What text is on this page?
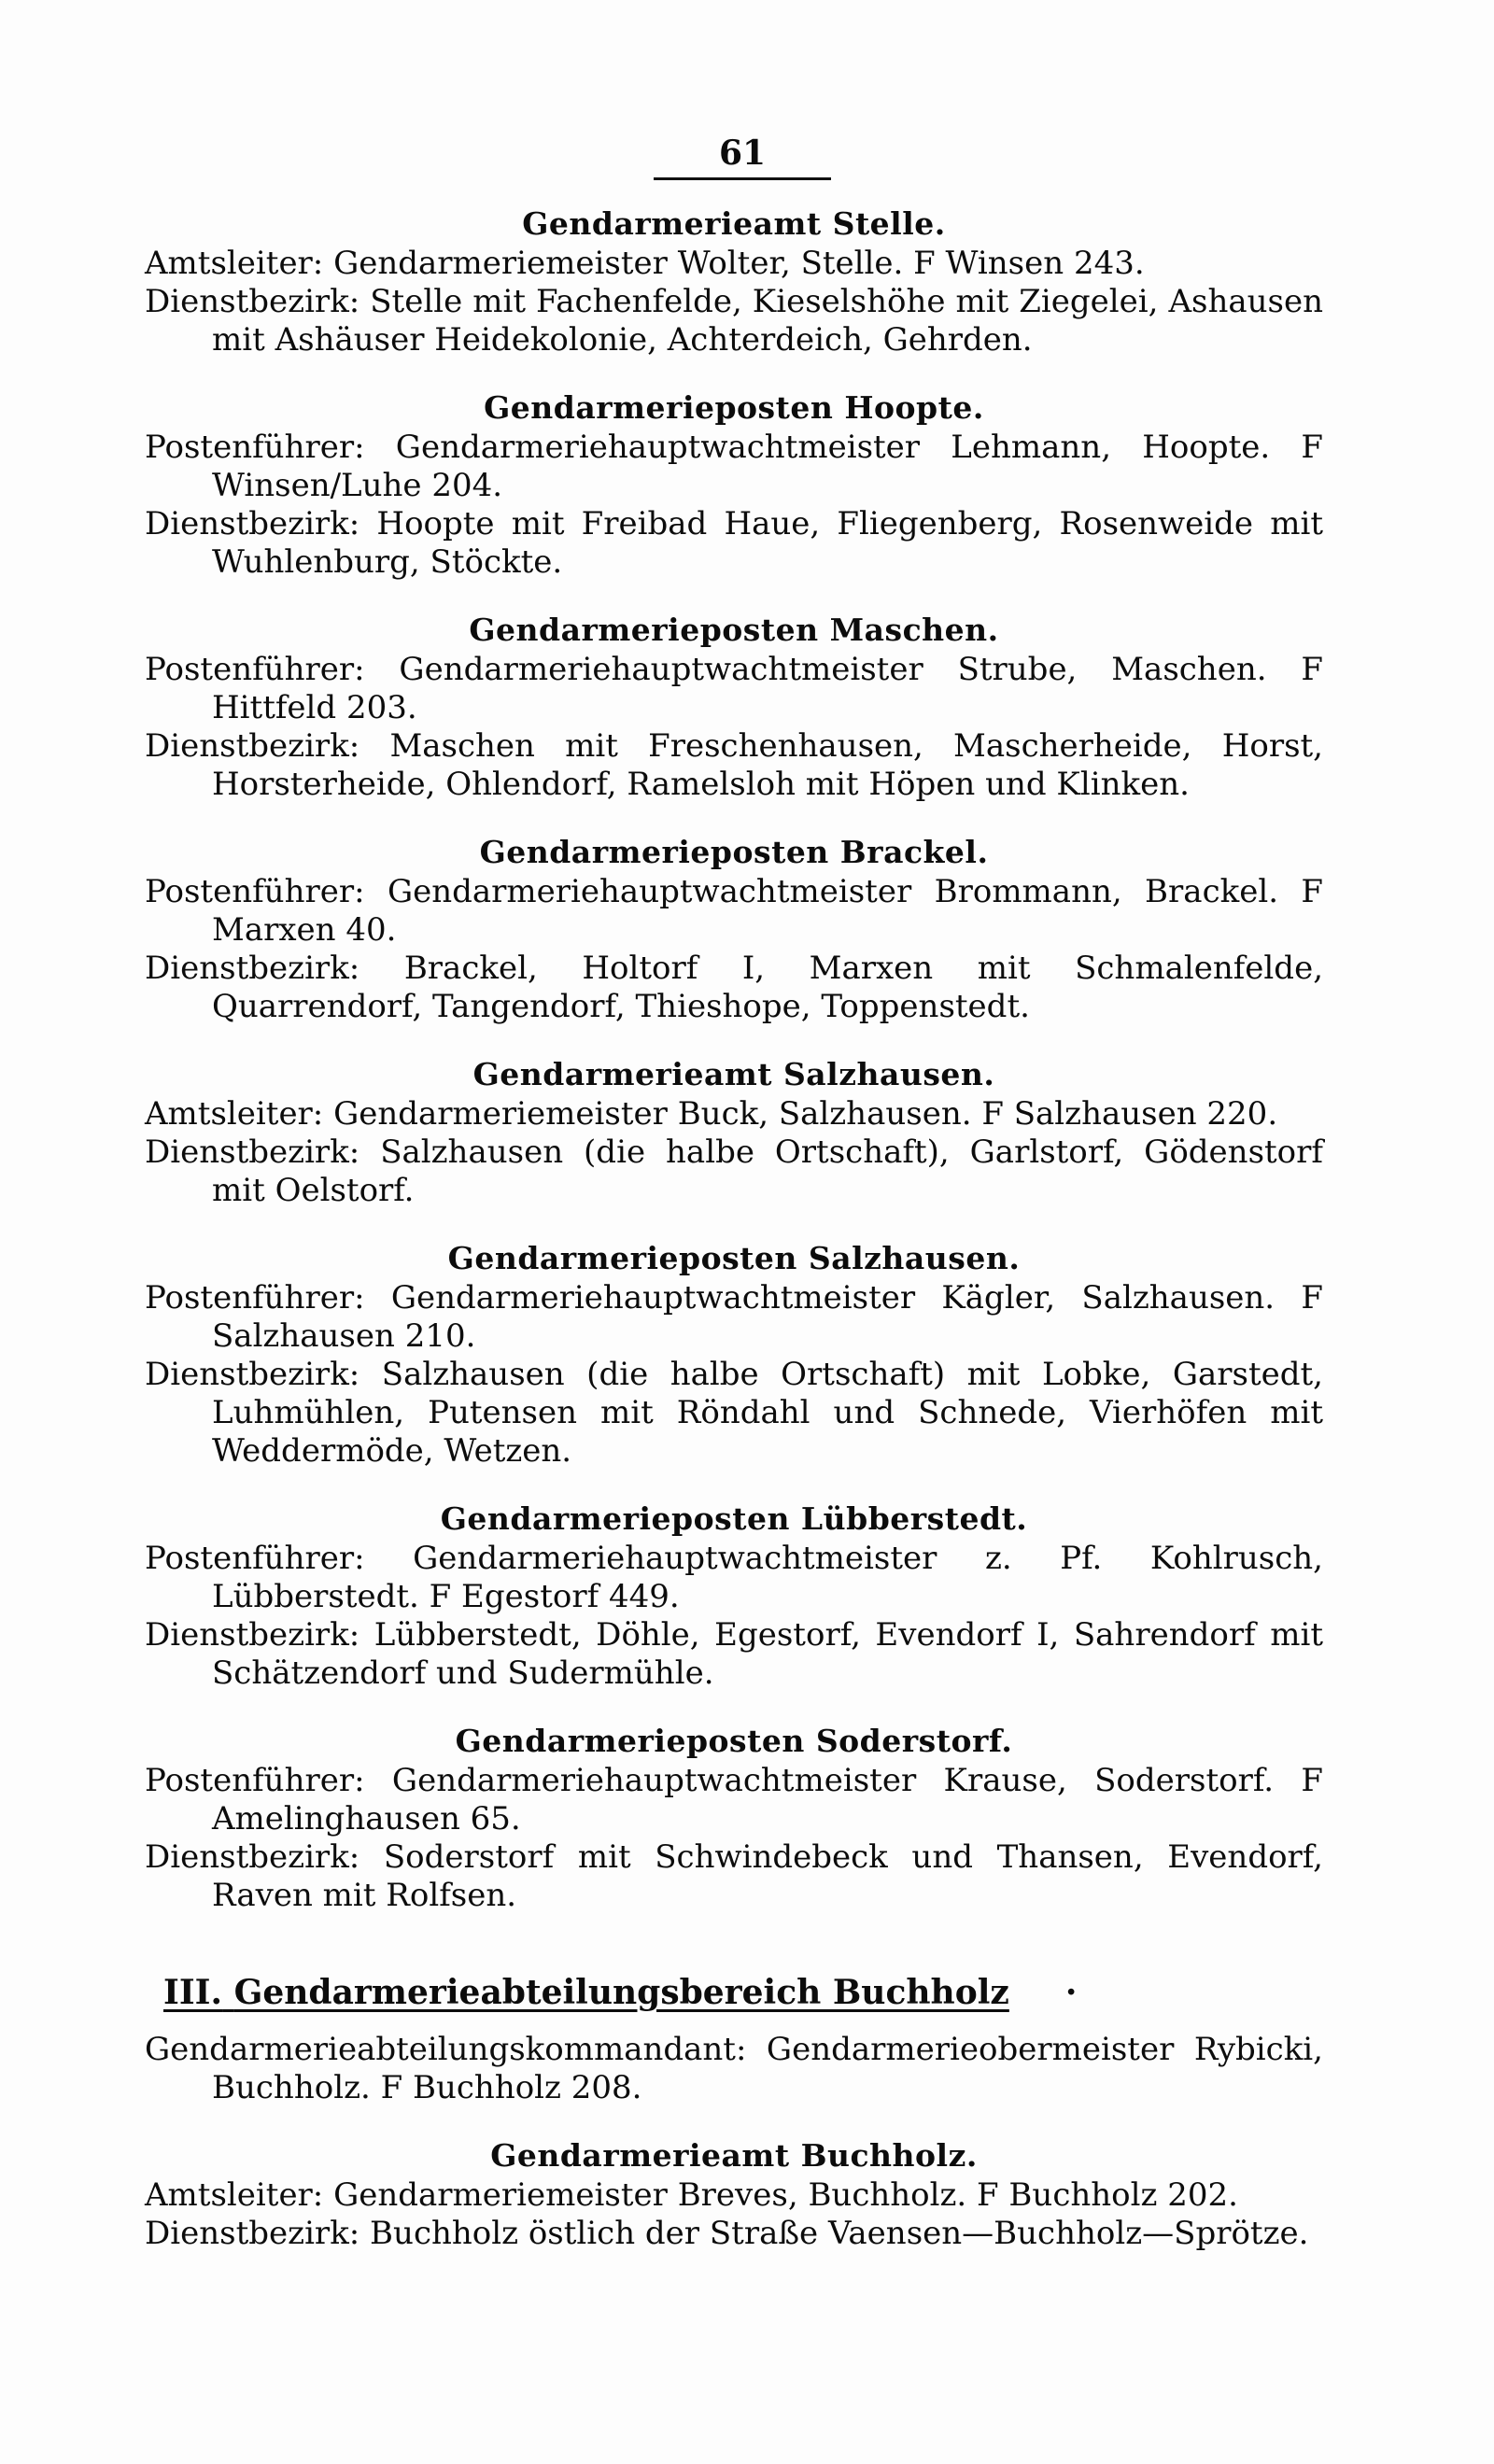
61

Gendarmerieamt Stelle.

Amtsleiter: Gendarmeriemeister Wolter, Stelle. F Winsen 243.

Dienstbezirk: Stelle mit Fachenfelde, Kieselshöhe mit Ziegelei, Ashausen mit Ashäuser Heidekolonie, Achterdeich, Gehrden.

Gendarmerieposten Hoopte.

Postenführer: Gendarmeriehauptwachtmeister Lehmann, Hoopte. F Winsen/Luhe 204.

Dienstbezirk: Hoopte mit Freibad Haue, Fliegenberg, Rosenweide mit Wuhlenburg, Stöckte.

Gendarmerieposten Maschen.

Postenführer: Gendarmeriehauptwachtmeister Strube, Maschen. F Hittfeld 203.

Dienstbezirk: Maschen mit Freschenhausen, Mascherheide, Horst, Horsterheide, Ohlendorf, Ramelsloh mit Höpen und Klinken.

Gendarmerieposten Brackel.

Postenführer: Gendarmeriehauptwachtmeister Brommann, Brackel. F Marxen 40.

Dienstbezirk: Brackel, Holtorf I, Marxen mit Schmalenfelde, Quarrendorf, Tangendorf, Thieshope, Toppenstedt.

Gendarmerieamt Salzhausen.

Amtsleiter: Gendarmeriemeister Buck, Salzhausen. F Salzhausen 220.

Dienstbezirk: Salzhausen (die halbe Ortschaft), Garlstorf, Gödenstorf mit Oelstorf.

Gendarmerieposten Salzhausen.

Postenführer: Gendarmeriehauptwachtmeister Kägler, Salzhausen. F Salzhausen 210.

Dienstbezirk: Salzhausen (die halbe Ortschaft) mit Lobke, Garstedt, Luhmühlen, Putensen mit Röndahl und Schnede, Vierhöfen mit Weddermöde, Wetzen.

Gendarmerieposten Lübberstedt.

Postenführer: Gendarmeriehauptwachtmeister z. Pf. Kohlrusch, Lübberstedt. F Egestorf 449.

Dienstbezirk: Lübberstedt, Döhle, Egestorf, Evendorf I, Sahrendorf mit Schätzendorf und Sudermühle.

Gendarmerieposten Soderstorf.

Postenführer: Gendarmeriehauptwachtmeister Krause, Soderstorf. F Amelinghausen 65.

Dienstbezirk: Soderstorf mit Schwindebeck und Thansen, Evendorf, Raven mit Rolfsen.

III. Gendarmerieabteilungsbereich Buchholz ·

Gendarmerieabteilungskommandant: Gendarmerieobermeister Rybicki, Buchholz. F Buchholz 208.

Gendarmerieamt Buchholz.

Amtsleiter: Gendarmeriemeister Breves, Buchholz. F Buchholz 202.

Dienstbezirk: Buchholz östlich der Straße Vaensen—Buchholz—Sprötze.
